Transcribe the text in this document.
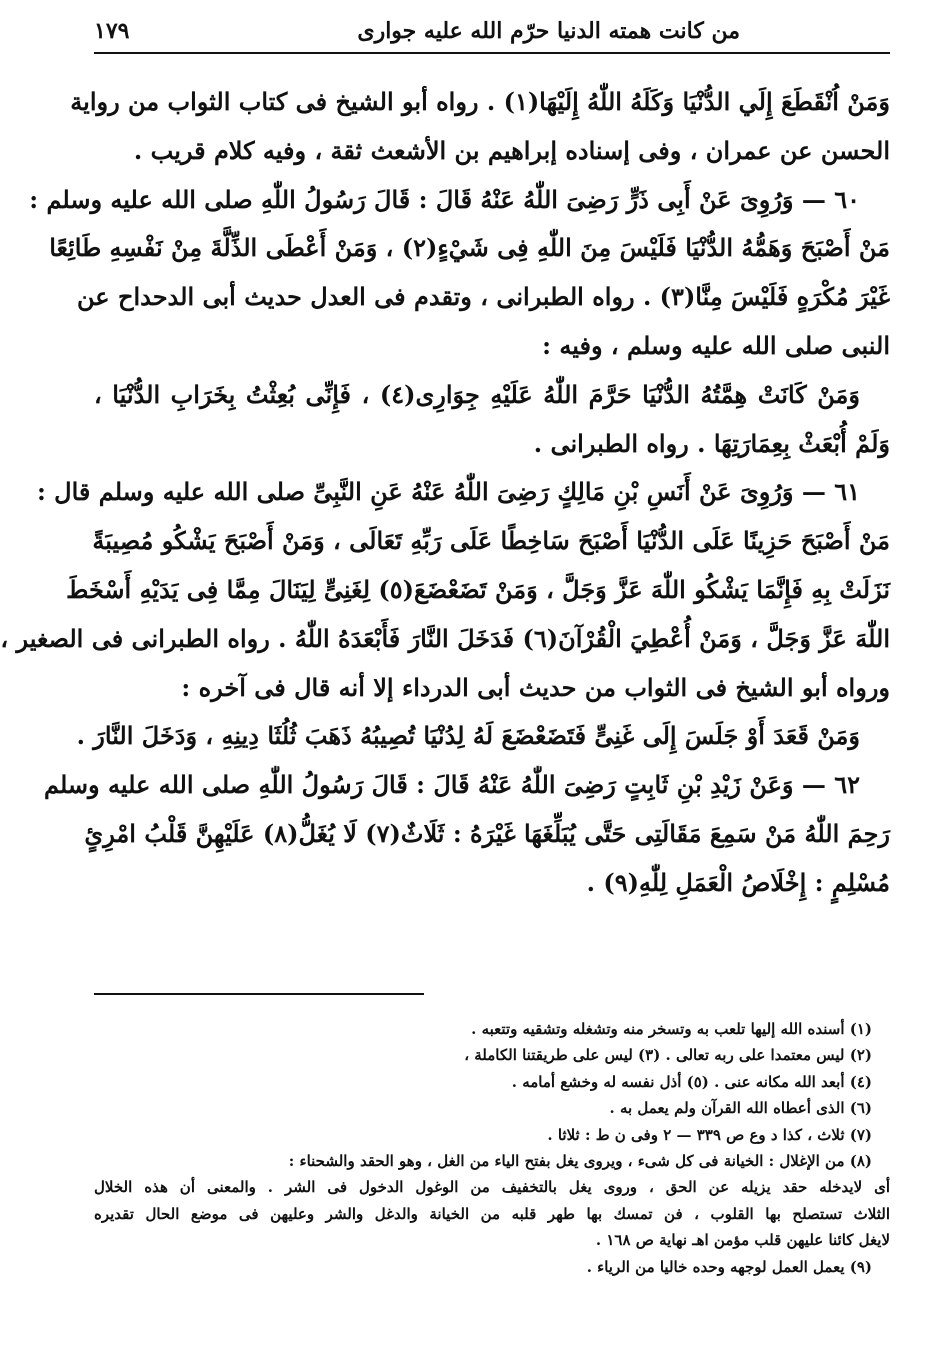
من كانت همته الدنيا حرّم الله عليه جوارى
١٧٩
وَمَنْ اُنْقَطَعَ إِلَي الدُّنْيَا وَكَلَهُ اللّٰهُ إِلَيْهَا(١) . رواه أبو الشيخ فى كتاب الثواب من رواية
الحسن عن عمران ، وفى إسناده إبراهيم بن الأشعث ثقة ، وفيه كلام قريب .
٦٠ — وَرُوِىَ عَنْ أَبِى ذَرٍّ رَضِىَ اللّٰهُ عَنْهُ قَالَ : قَالَ رَسُولُ اللّٰهِ صلى الله عليه وسلم :
مَنْ أَصْبَحَ وَهَمُّهُ الدُّنْيَا فَلَيْسَ مِنَ اللّٰهِ فِى شَيْءٍ(٢) ، وَمَنْ أَعْطَى الذِّلَّةَ مِنْ نَفْسِهِ طَائِعًا
غَيْرَ مُكْرَهٍ فَلَيْسَ مِنَّا(٣) . رواه الطبرانى ، وتقدم فى العدل حديث أبى الدحداح عن
النبى صلى الله عليه وسلم ، وفيه :
وَمَنْ كَانَتْ هِمَّتُهُ الدُّنْيَا حَرَّمَ اللّٰهُ عَلَيْهِ جِوَارِى(٤) ، فَإِنِّى بُعِثْتُ بِخَرَابِ الدُّنْيَا ،
وَلَمْ أُبْعَثْ بِعِمَارَتِهَا . رواه الطبرانى .
٦١ — وَرُوِىَ عَنْ أَنَسِ بْنِ مَالِكٍ رَضِىَ اللّٰهُ عَنْهُ عَنِ النَّبِىِّ صلى الله عليه وسلم قال :
مَنْ أَصْبَحَ حَزِينًا عَلَى الدُّنْيَا أَصْبَحَ سَاخِطًا عَلَى رَبِّهِ تَعَالَى ، وَمَنْ أَصْبَحَ يَشْكُو مُصِيبَةً
نَزَلَتْ بِهِ فَإِنَّمَا يَشْكُو اللّٰهَ عَزَّ وَجَلَّ ، وَمَنْ تَضَعْضَعَ(٥) لِغَنِىٍّ لِيَنَالَ مِمَّا فِى يَدَيْهِ أَسْخَطَ
اللّٰهَ عَزَّ وَجَلَّ ، وَمَنْ أُعْطِيَ الْقُرْآنَ(٦) فَدَخَلَ النَّارَ فَأَبْعَدَهُ اللّٰهُ . رواه الطبرانى فى الصغير ،
ورواه أبو الشيخ فى الثواب من حديث أبى الدرداء إلا أنه قال فى آخره :
وَمَنْ قَعَدَ أَوْ جَلَسَ إِلَى غَنِىٍّ فَتَضَعْضَعَ لَهُ لِدُنْيَا تُصِيبُهُ ذَهَبَ ثُلُثَا دِينِهِ ، وَدَخَلَ النَّارَ .
٦٢ — وَعَنْ زَيْدِ بْنِ ثَابِتٍ رَضِىَ اللّٰهُ عَنْهُ قَالَ : قَالَ رَسُولُ اللّٰهِ صلى الله عليه وسلم
رَحِمَ اللّٰهُ مَنْ سَمِعَ مَقَالَتِى حَتَّى يُبَلِّغَهَا غَيْرَهُ : ثَلَاثٌ(٧) لَا يُغَلُّ(٨) عَلَيْهِنَّ قَلْبُ امْرِئٍ
مُسْلِمٍ : إِخْلَاصُ الْعَمَلِ لِلّٰهِ(٩) .
(١) أسنده الله إليها تلعب به وتسخر منه وتشغله وتشقيه وتتعبه .
(٢) ليس معتمدا على ربه تعالى . (٣) ليس على طريقتنا الكاملة ،
(٤) أبعد الله مكانه عنى . (٥) أذل نفسه له وخشع أمامه .
(٦) الذى أعطاه الله القرآن ولم يعمل به .
(٧) ثلاث ، كذا د وع ص ٣٣٩ — ٢ وفى ن ط : ثلاثا .
(٨) من الإغلال : الخيانة فى كل شىء ، ويروى يغل بفتح الياء من الغل ، وهو الحقد والشحناء :
أى لايدخله حقد يزيله عن الحق ، وروى يغل بالتخفيف من الوغول الدخول فى الشر . والمعنى أن هذه الخلال
الثلاث تستصلح بها القلوب ، فن تمسك بها طهر قلبه من الخيانة والدغل والشر وعليهن فى موضع الحال تقديره
لايغل كائنا عليهن قلب مؤمن اهـ نهاية ص ١٦٨ .
(٩) يعمل العمل لوجهه وحده خاليا من الرياء .
